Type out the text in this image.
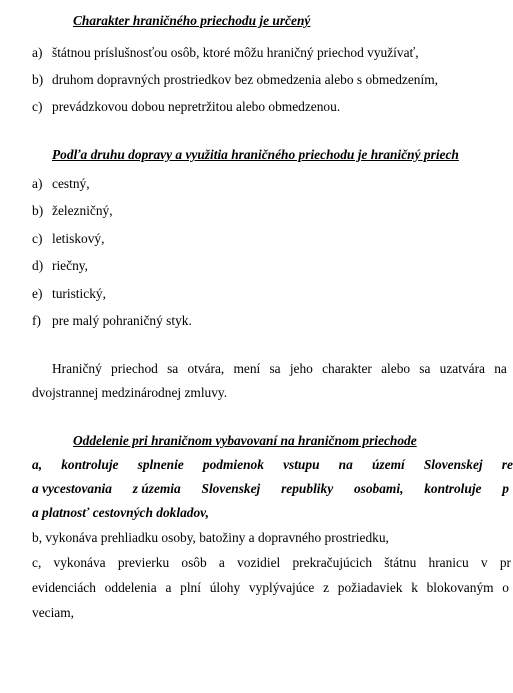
Charakter hraničného priechodu je určený
a) štátnou príslušnosťou osôb, ktoré môžu hraničný priechod využívať,
b) druhom dopravných prostriedkov bez obmedzenia alebo s obmedzením,
c) prevádzkovou dobou nepretržitou alebo obmedzenou.
Podľa druhu dopravy a využitia hraničného priechodu je hraničný priech
a) cestný,
b) železničný,
c) letiskový,
d) riečny,
e) turistický,
f) pre malý pohraničný styk.
Hraničný priechod sa otvára, mení sa jeho charakter alebo sa uzatvára na
dvojstrannej medzinárodnej zmluvy.
Oddelenie pri hraničnom vybavovaní na hraničnom priechode
a, kontroluje splnenie podmienok vstupu na území Slovenskej re
a vycestovania z územia Slovenskej republiky osobami, kontroluje p
a platnosť cestovných dokladov,
b, vykonáva prehliadku osoby, batožiny a dopravného prostriedku,
c, vykonáva previerku osôb a vozidiel prekračujúcich štátnu hranicu v pr
evidenciách oddelenia a plní úlohy vyplývajúce z požiadaviek k blokovaným o
veciam,
